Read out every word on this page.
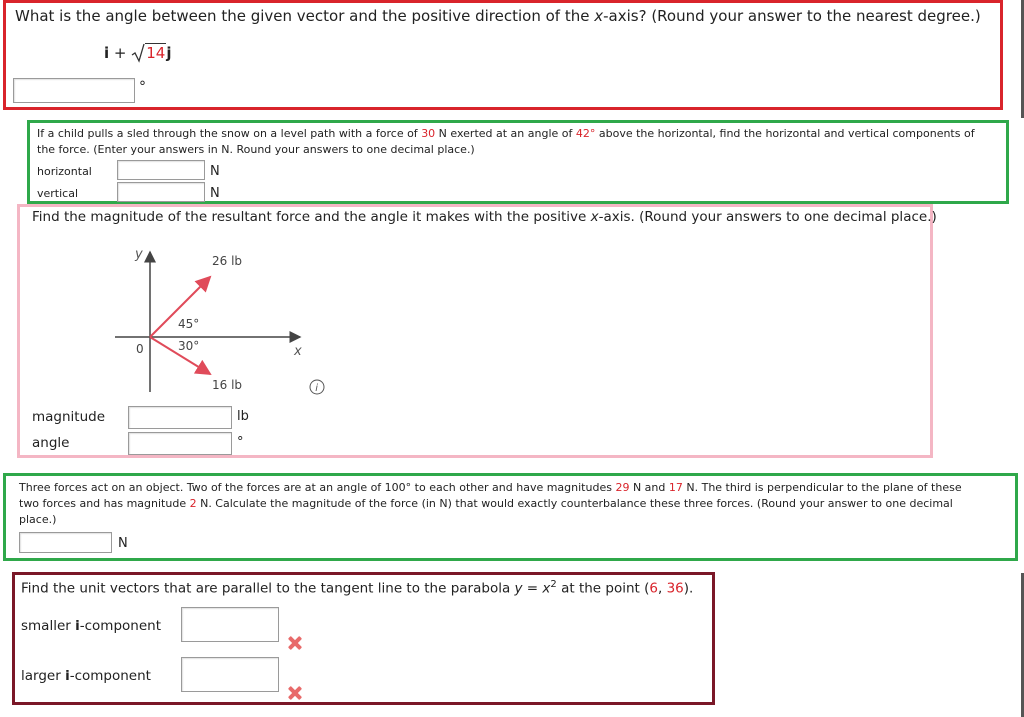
What is the angle between the given vector and the positive direction of the x-axis? (Round your answer to the nearest degree.)
i + 14j
°
If a child pulls a sled through the snow on a level path with a force of 30 N exerted at an angle of 42° above the horizontal, find the horizontal and vertical components of
the force. (Enter your answers in N. Round your answers to one decimal place.)
horizontal	N
vertical	N
Find the magnitude of the resultant force and the angle it makes with the positive x-axis. (Round your answers to one decimal place.)
y
x
0
26 lb
16 lb
45°
30°
i
magnitude	lb
angle	°
Three forces act on an object. Two of the forces are at an angle of 100° to each other and have magnitudes 29 N and 17 N. The third is perpendicular to the plane of these
two forces and has magnitude 2 N. Calculate the magnitude of the force (in N) that would exactly counterbalance these three forces. (Round your answer to one decimal
place.)
N
Find the unit vectors that are parallel to the tangent line to the parabola $y = x^2$ at the point (6, 36).
smaller i-component
larger i-component
